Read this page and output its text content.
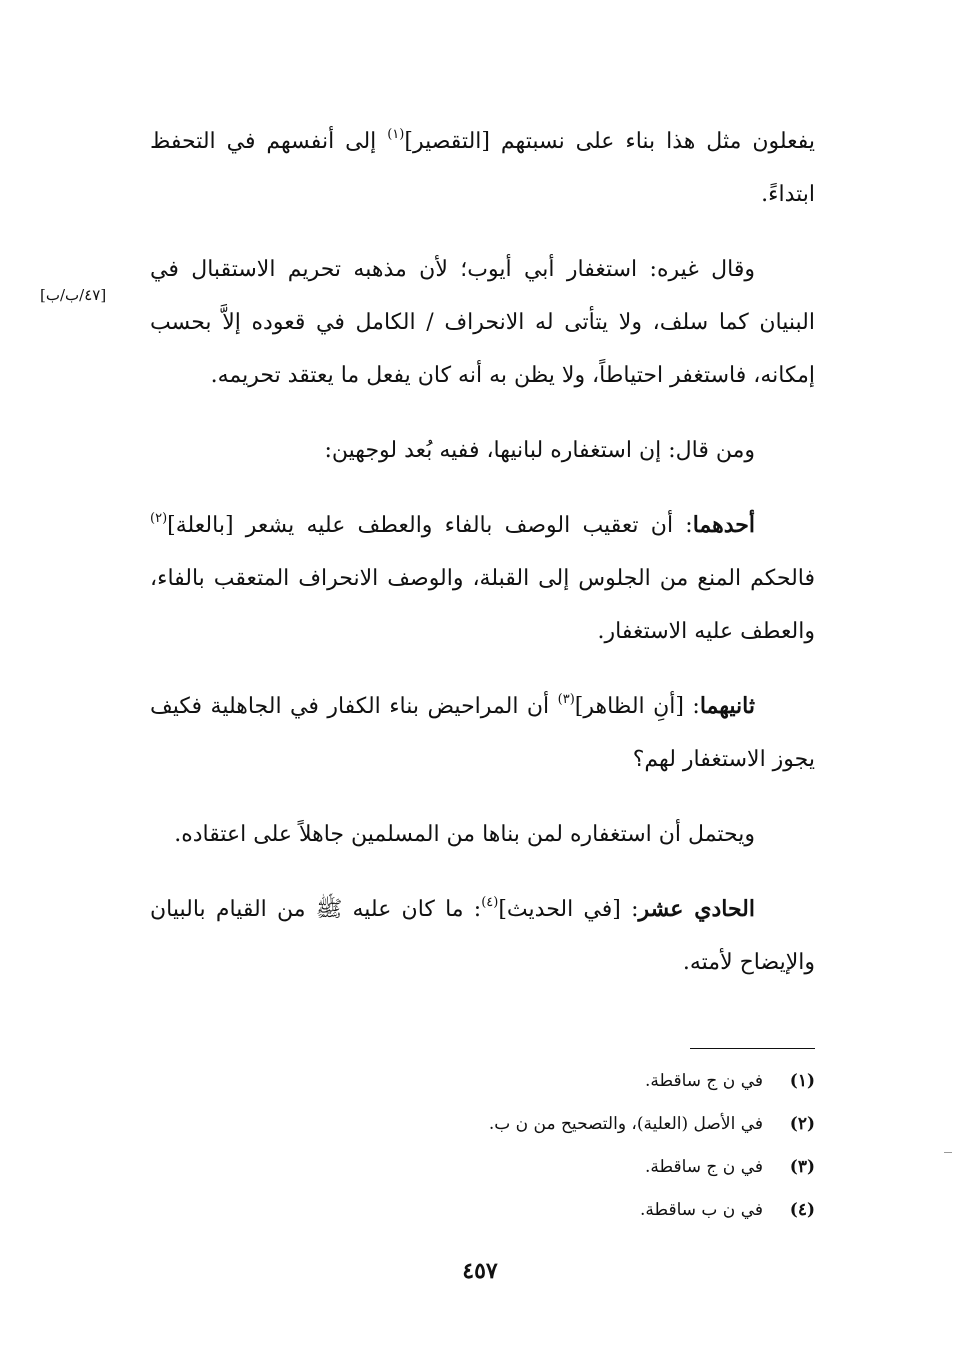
يفعلون مثل هذا بناء على نسبتهم [التقصير]$^{(١)}$ إلى أنفسهم في التحفظ ابتداءً.

وقال غيره: استغفار أبي أيوب؛ لأن مذهبه تحريم الاستقبال في البنيان كما سلف، ولا يتأتى له الانحراف / الكامل في قعوده إلاَّ بحسب إمكانه، فاستغفر احتياطاً، ولا يظن به أنه كان يفعل ما يعتقد تحريمه.

ومن قال: إن استغفاره لبانيها، ففيه بُعد لوجهين:

أحدهما: أن تعقيب الوصف بالفاء والعطف عليه يشعر [بالعلة]$^{(٢)}$ فالحكم المنع من الجلوس إلى القبلة، والوصف الانحراف المتعقب بالفاء، والعطف عليه الاستغفار.

ثانيهما: [أنِ الظاهر]$^{(٣)}$ أن المراحيض بناء الكفار في الجاهلية فكيف يجوز الاستغفار لهم؟

ويحتمل أن استغفاره لمن بناها من المسلمين جاهلاً على اعتقاده.

الحادي عشر: [في الحديث]$^{(٤)}$: ما كان عليه ﷺ من القيام بالبيان والإيضاح لأمته.

[٤٧/ب/ب]
(١)في ن ج ساقطة.
(٢)في الأصل (العلية)، والتصحيح من ن ب.
(٣)في ن ج ساقطة.
(٤)في ن ب ساقطة.
٤٥٧
